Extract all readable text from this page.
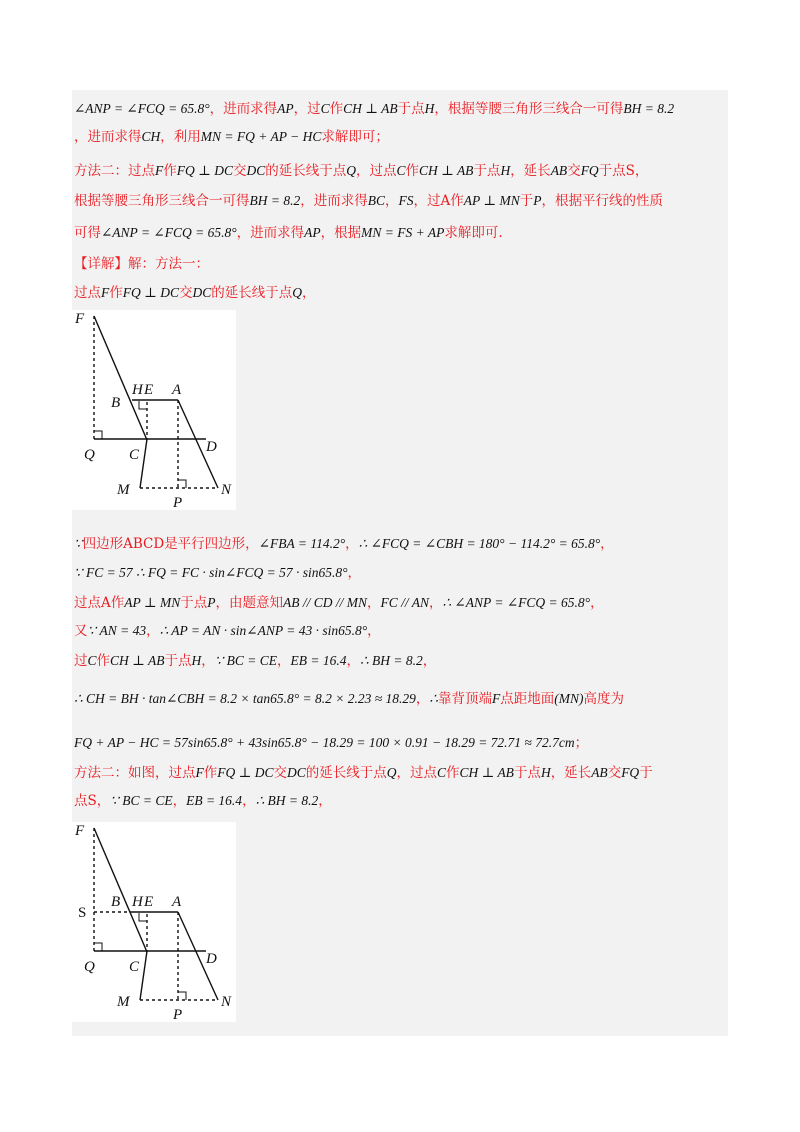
∠ANP = ∠FCQ = 65.8°，进而求得AP，过C作CH ⊥ AB于点H，根据等腰三角形三线合一可得BH = 8.2
，进而求得CH，利用MN = FQ + AP − HC求解即可；
方法二：过点F作FQ ⊥ DC交DC的延长线于点Q，过点C作CH ⊥ AB于点H，延长AB交FQ于点S，
根据等腰三角形三线合一可得BH = 8.2，进而求得BC，FS，过A作AP ⊥ MN于P，根据平行线的性质
可得∠ANP = ∠FCQ = 65.8°，进而求得AP，根据MN = FS + AP求解即可.
【详解】解：方法一：
过点F作FQ ⊥ DC交DC的延长线于点Q，
F
H E A
B
Q C	D
M	N
P
∵四边形ABCD是平行四边形，∠FBA = 114.2°，∴ ∠FCQ = ∠CBH = 180° − 114.2° = 65.8°，
∵ FC = 57 ∴ FQ = FC · sin∠FCQ = 57 · sin65.8°，
过点A作AP ⊥ MN于点P，由题意知AB // CD // MN，FC // AN，∴ ∠ANP = ∠FCQ = 65.8°，
又∵ AN = 43，∴ AP = AN · sin∠ANP = 43 · sin65.8°，
过C作CH ⊥ AB于点H，∵ BC = CE，EB = 16.4，∴ BH = 8.2，
∴ CH = BH · tan∠CBH = 8.2 × tan65.8° = 8.2 × 2.23 ≈ 18.29，∴靠背顶端F点距地面(MN)高度为
FQ + AP − HC = 57sin65.8° + 43sin65.8° − 18.29 = 100 × 0.91 − 18.29 = 72.71 ≈ 72.7cm；
方法二：如图，过点F作FQ ⊥ DC交DC的延长线于点Q，过点C作CH ⊥ AB于点H，延长AB交FQ于
点S，∵ BC = CE，EB = 16.4，∴ BH = 8.2，
F
H E A
S
B
Q C	D
M	N
P
